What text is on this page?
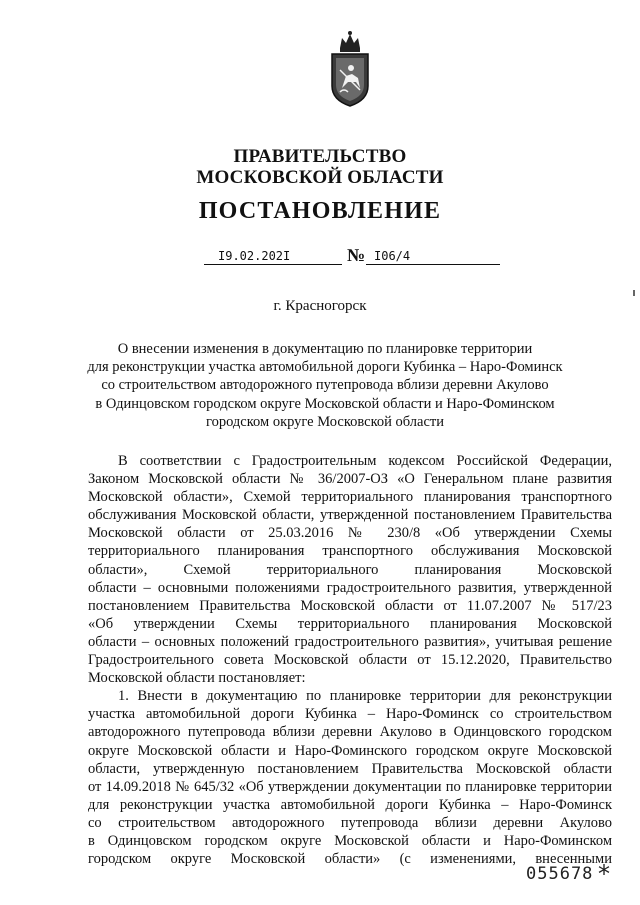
ПРАВИТЕЛЬСТВО
МОСКОВСКОЙ ОБЛАСТИ
ПОСТАНОВЛЕНИЕ
I9.02.202I	№ I06/4
г. Красногорск
О внесении изменения в документацию по планировке территории
для реконструкции участка автомобильной дороги Кубинка – Наро-Фоминск
со строительством автодорожного путепровода вблизи деревни Акулово
в Одинцовском городском округе Московской области и Наро-Фоминском
городском округе Московской области
В соответствии с Градостроительным кодексом Российской Федерации,
Законом Московской области № 36/2007-ОЗ «О Генеральном плане развития
Московской области», Схемой территориального планирования транспортного
обслуживания Московской области, утвержденной постановлением Правительства
Московской области от 25.03.2016 № 230/8 «Об утверждении Схемы
территориального планирования транспортного обслуживания Московской
области», Схемой территориального планирования Московской
области – основными положениями градостроительного развития, утвержденной
постановлением Правительства Московской области от 11.07.2007 № 517/23
«Об утверждении Схемы территориального планирования Московской
области – основных положений градостроительного развития», учитывая решение
Градостроительного совета Московской области от 15.12.2020, Правительство
Московской области постановляет:
1. Внести в документацию по планировке территории для реконструкции
участка автомобильной дороги Кубинка – Наро-Фоминск со строительством
автодорожного путепровода вблизи деревни Акулово в Одинцовского городском
округе Московской области и Наро-Фоминского городском округе Московской
области, утвержденную постановлением Правительства Московской области
от 14.09.2018 № 645/32 «Об утверждении документации по планировке территории
для реконструкции участка автомобильной дороги Кубинка – Наро-Фоминск
со строительством автодорожного путепровода вблизи деревни Акулово
в Одинцовском городском округе Московской области и Наро-Фоминском
городском округе Московской области» (с изменениями, внесенными
055678 *
